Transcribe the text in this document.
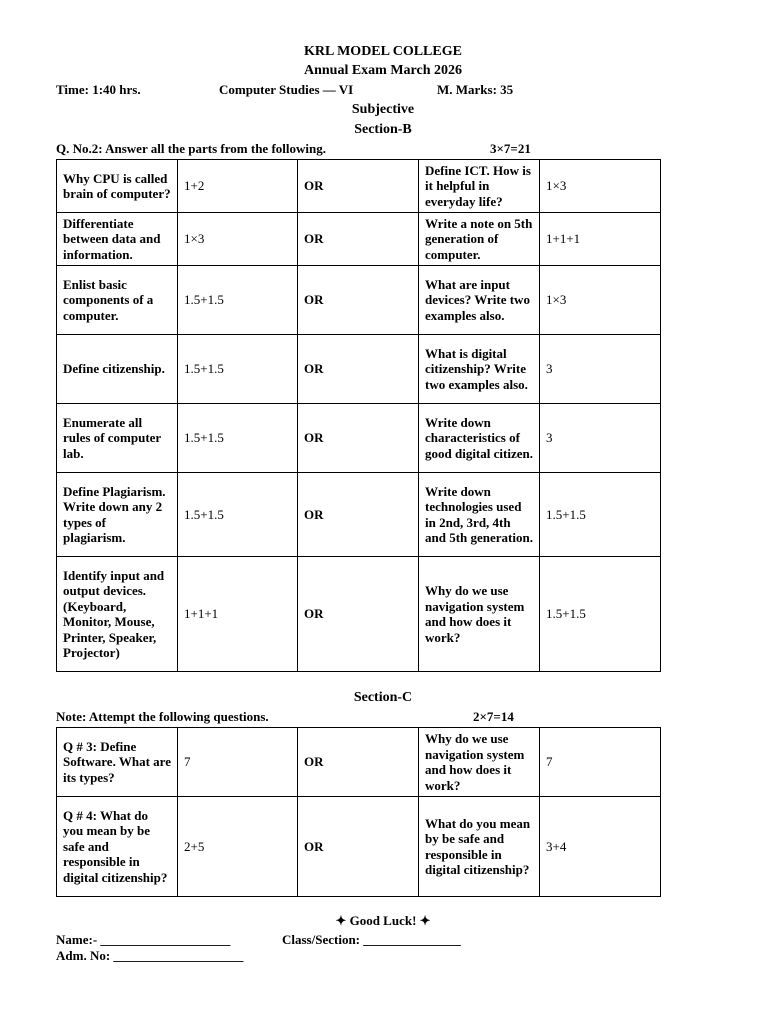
KRL MODEL COLLEGE
Annual Exam March 2026
Time: 1:40 hrs.	Computer Studies — VI	M. Marks: 35
Subjective
Section-B
Q. No.2: Answer all the parts from the following.	3×7=21
Why CPU is called brain of computer?	1+2	OR	Define ICT. How is it helpful in everyday life?	1×3
Differentiate between data and information.	1×3	OR	Write a note on 5th generation of computer.	1+1+1
Enlist basic components of a computer.	1.5+1.5	OR	What are input devices? Write two examples also.	1×3
Define citizenship.	1.5+1.5	OR	What is digital citizenship? Write two examples also.	3
Enumerate all rules of computer lab.	1.5+1.5	OR	Write down characteristics of good digital citizen.	3
Define Plagiarism. Write down any 2 types of plagiarism.	1.5+1.5	OR	Write down technologies used in 2nd, 3rd, 4th and 5th generation.	1.5+1.5
Identify input and output devices. (Keyboard, Monitor, Mouse, Printer, Speaker, Projector)	1+1+1	OR	Why do we use navigation system and how does it work?	1.5+1.5
Section-C
Note: Attempt the following questions.	2×7=14
Q # 3: Define Software. What are its types?	7	OR	Why do we use navigation system and how does it work?	7
Q # 4: What do you mean by be safe and responsible in digital citizenship?	2+5	OR	What do you mean by be safe and responsible in digital citizenship?	3+4
✦ Good Luck! ✦
Name:- ____________________	Class/Section: _______________
Adm. No: ____________________
